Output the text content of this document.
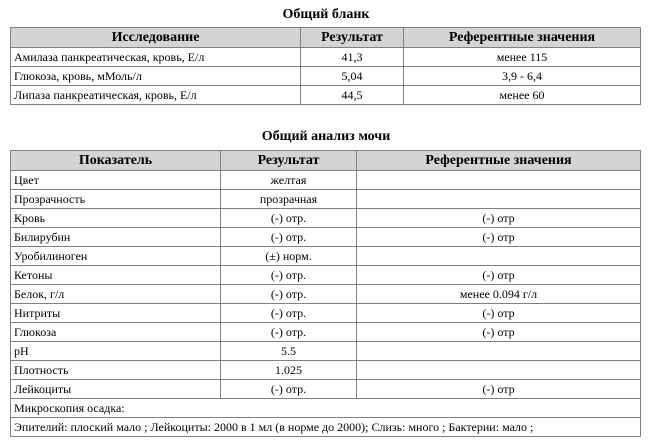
Общий бланк
Исследование	Результат	Референтные значения
Амилаза панкреатическая, кровь, Е/л	41,3	менее 115
Глюкоза, кровь, мМоль/л	5,04	3,9 - 6,4
Липаза панкреатическая, кровь, Е/л	44,5	менее 60
Общий анализ мочи
Показатель	Результат	Референтные значения
Цвет	желтая	
Прозрачность	прозрачная	
Кровь	(-) отр.	(-) отр
Билирубин	(-) отр.	(-) отр
Уробилиноген	(±) норм.	
Кетоны	(-) отр.	(-) отр
Белок, г/л	(-) отр.	менее 0.094 г/л
Нитриты	(-) отр.	(-) отр
Глюкоза	(-) отр.	(-) отр
pH	5.5	
Плотность	1.025	
Лейкоциты	(-) отр.	(-) отр
Микроскопия осадка:		
Эпителий: плоский мало ; Лейкоциты: 2000 в 1 мл (в норме до 2000); Слизь: много ; Бактерии: мало ;		
